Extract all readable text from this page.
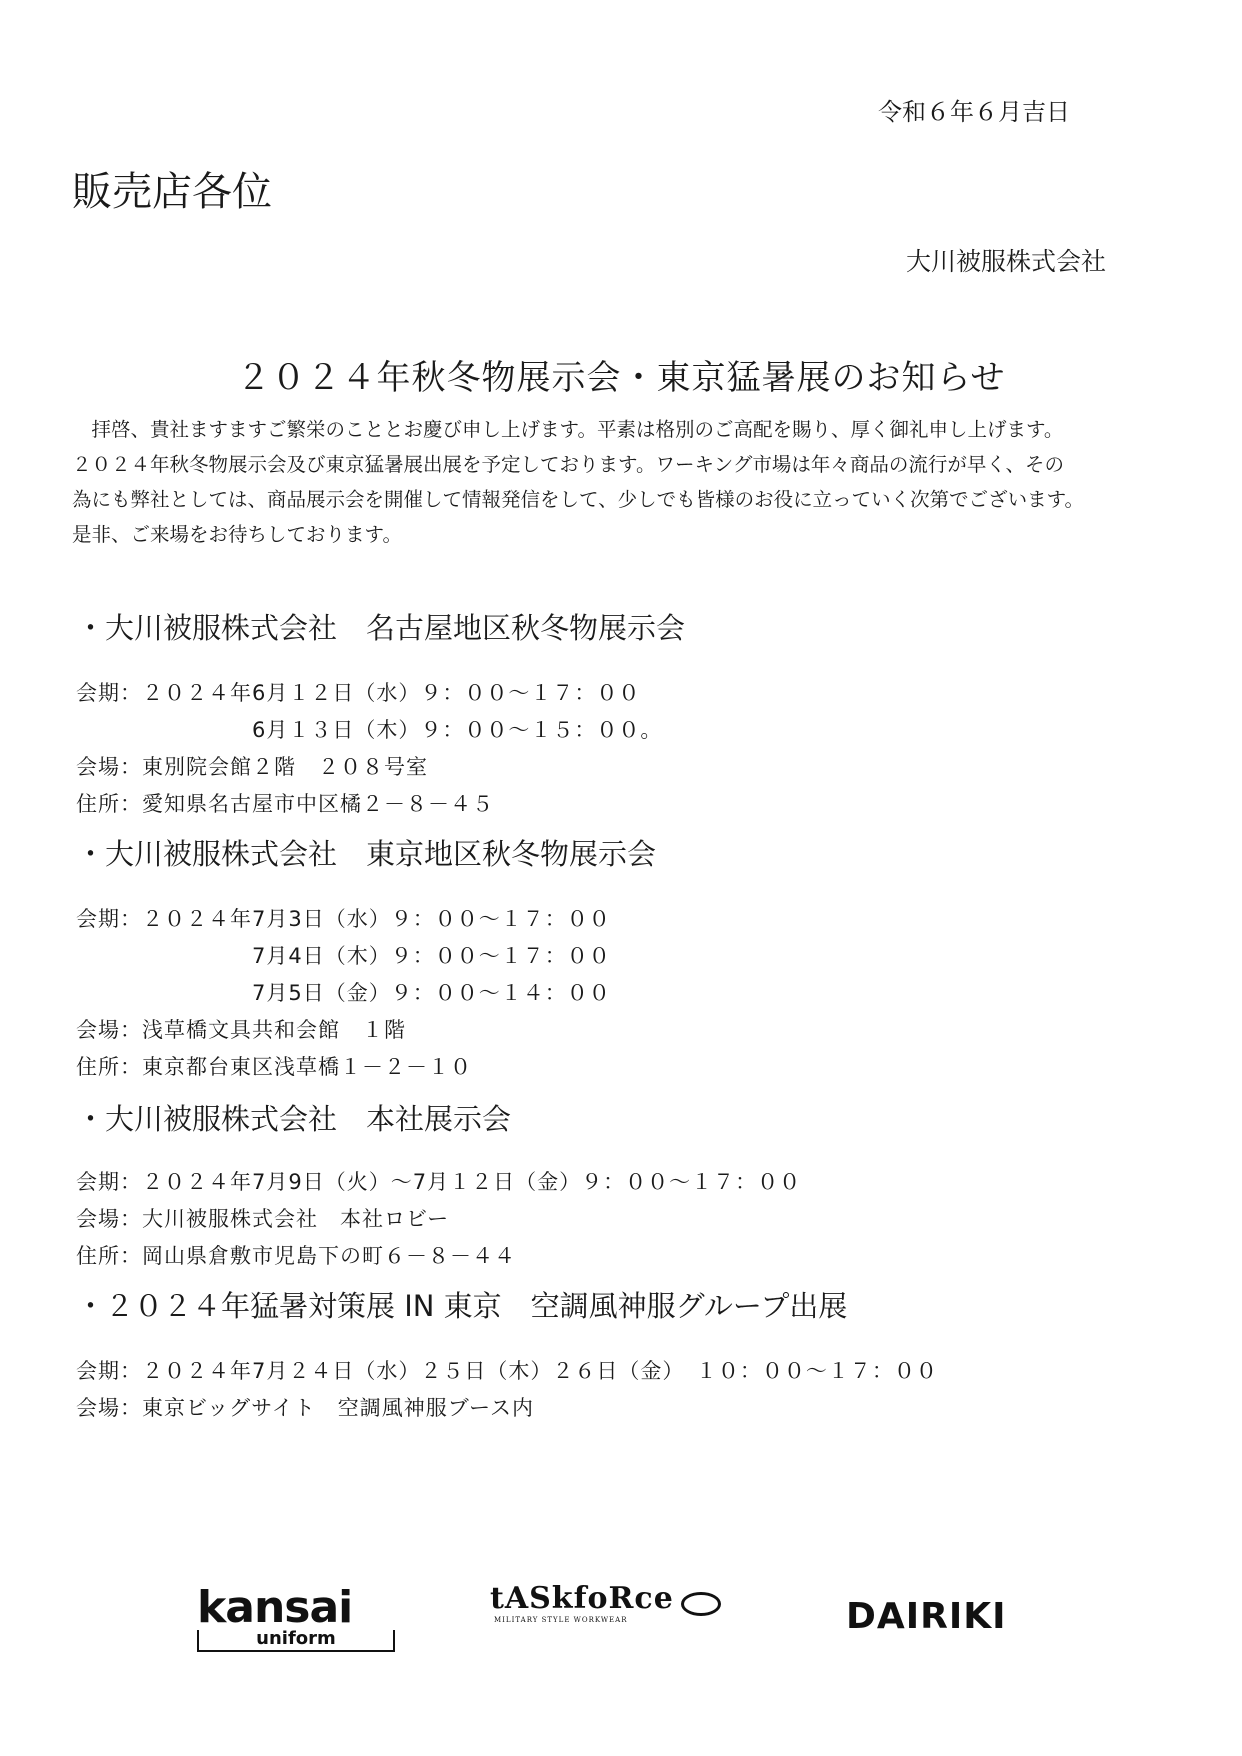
令和６年６月吉日
販売店各位
大川被服株式会社
２０２４年秋冬物展示会・東京猛暑展のお知らせ

　拝啓、貴社ますますご繁栄のこととお慶び申し上げます。平素は格別のご高配を賜り、厚く御礼申し上げます。

２０２４年秋冬物展示会及び東京猛暑展出展を予定しております。ワーキング市場は年々商品の流行が早く、その

為にも弊社としては、商品展示会を開催して情報発信をして、少しでも皆様のお役に立っていく次第でございます。

是非、ご来場をお待ちしております。

・大川被服株式会社　名古屋地区秋冬物展示会
会期：２０２４年6月１２日（水）９：００～１７：００
6月１３日（木）９：００～１５：００。
会場：東別院会館２階　２０８号室
住所：愛知県名古屋市中区橘２－８－４５
・大川被服株式会社　東京地区秋冬物展示会
会期：２０２４年7月3日（水）９：００～１７：００
7月4日（木）９：００～１７：００
7月5日（金）９：００～１４：００
会場：浅草橋文具共和会館　１階
住所：東京都台東区浅草橋１－２－１０
・大川被服株式会社　本社展示会
会期：２０２４年7月9日（火）～7月１２日（金）９：００～１７：００
会場：大川被服株式会社　本社ロビー
住所：岡山県倉敷市児島下の町６－８－４４
・２０２４年猛暑対策展 IN 東京　空調風神服グループ出展
会期：２０２４年7月２４日（水）２５日（木）２６日（金）　１０：００～１７：００
会場：東京ビッグサイト　空調風神服ブース内
kansai
uniform
tASkfoRce
MILITARY STYLE WORKWEAR	DAIRIKI
